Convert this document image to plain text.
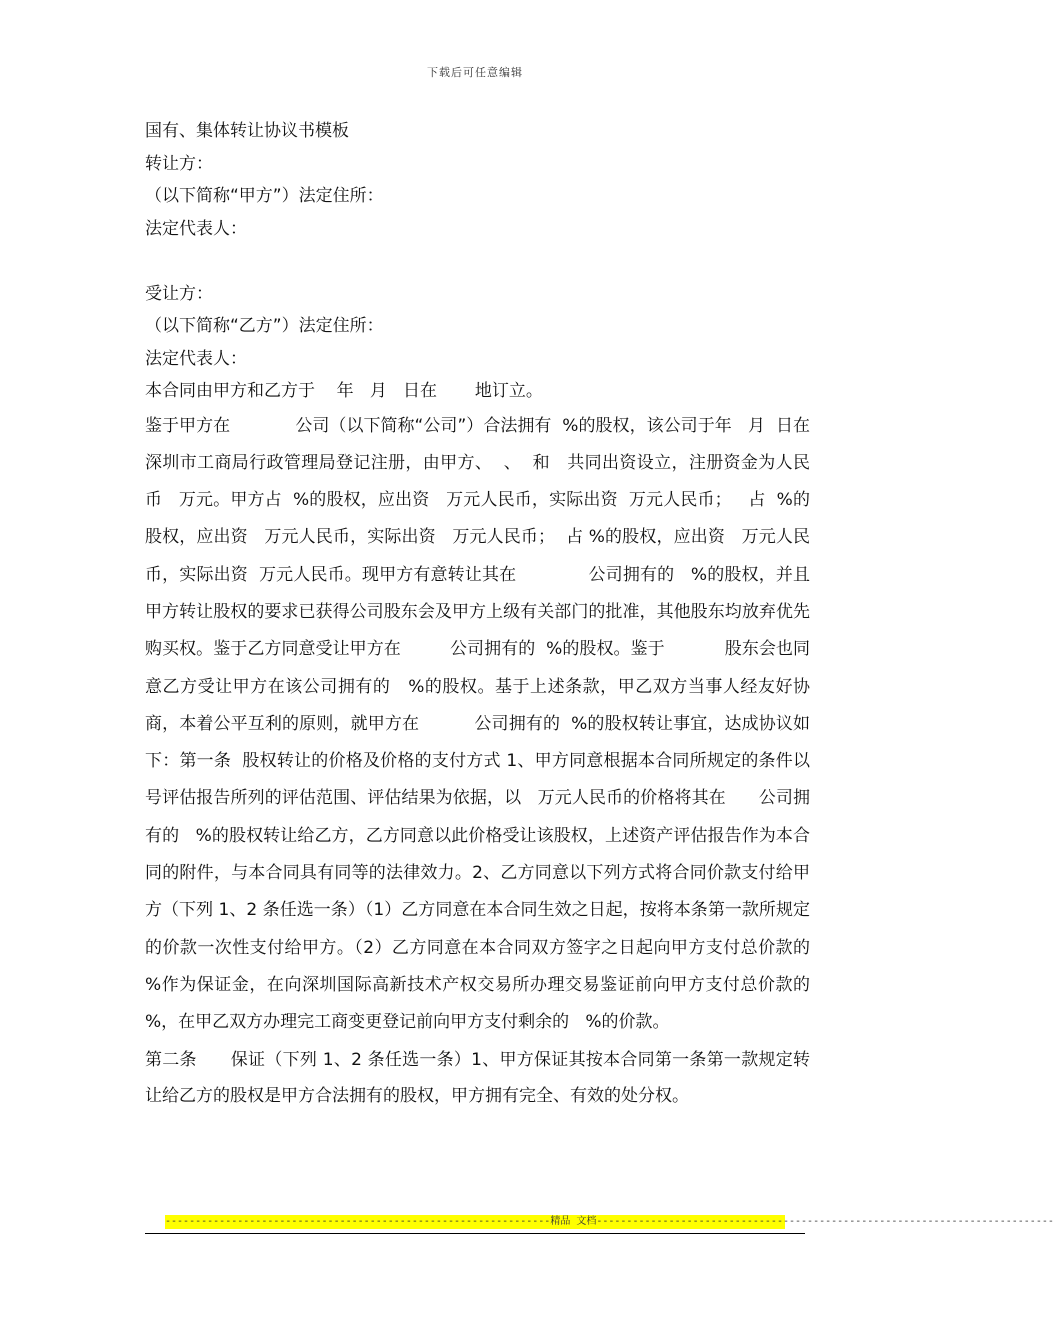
下载后可任意编辑
国有、集体转让协议书模板
转让方：
（以下简称“甲方”）法定住所：
法定代表人：
受让方：
（以下简称“乙方”）法定住所：
法定代表人：
本合同由甲方和乙方于    年   月   日在       地订立。

鉴于甲方在            公司（以下简称“公司”）合法拥有  %的股权，该公司于年   月  日在深圳市工商局行政管理局登记注册，由甲方、  、  和   共同出资设立，注册资金为人民币   万元。甲方占  %的股权，应出资   万元人民币，实际出资  万元人民币；   占  %的股权，应出资   万元人民币，实际出资   万元人民币；  占 %的股权，应出资   万元人民币，实际出资  万元人民币。现甲方有意转让其在             公司拥有的   %的股权，并且甲方转让股权的要求已获得公司股东会及甲方上级有关部门的批准，其他股东均放弃优先购买权。鉴于乙方同意受让甲方在         公司拥有的  %的股权。鉴于           股东会也同意乙方受让甲方在该公司拥有的   %的股权。基于上述条款，甲乙双方当事人经友好协商，本着公平互利的原则，就甲方在          公司拥有的  %的股权转让事宜，达成协议如下：第一条  股权转让的价格及价格的支付方式 1、甲方同意根据本合同所规定的条件以  号评估报告所列的评估范围、评估结果为依据，以   万元人民币的价格将其在      公司拥有的   %的股权转让给乙方，乙方同意以此价格受让该股权，上述资产评估报告作为本合同的附件，与本合同具有同等的法律效力。2、乙方同意以下列方式将合同价款支付给甲方（下列 1、2 条任选一条）（1）乙方同意在本合同生效之日起，按将本条第一款所规定的价款一次性支付给甲方。（2）乙方同意在本合同双方签字之日起向甲方支付总价款的   %作为保证金，在向深圳国际高新技术产权交易所办理交易鉴证前向甲方支付总价款的 %，在甲乙双方办理完工商变更登记前向甲方支付剩余的   %的价款。

第二条      保证（下列 1、2 条任选一条）1、甲方保证其按本合同第一条第一款规定转让给乙方的股权是甲方合法拥有的股权，甲方拥有完全、有效的处分权。

----------------------------------------------------------------精品 文档----------------------------------------------------------------------------
